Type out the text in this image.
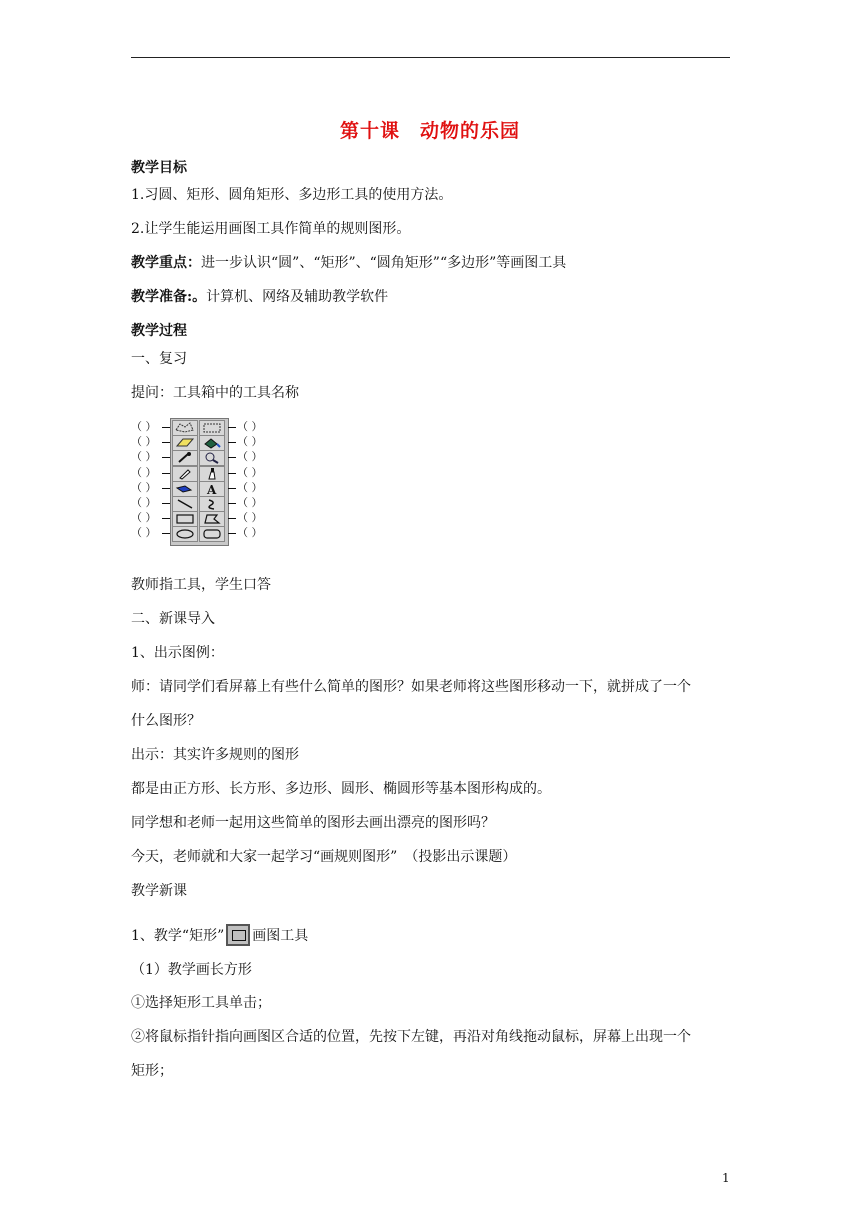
第十课　动物的乐园
教学目标
1.习圆、矩形、圆角矩形、多边形工具的使用方法。
2.让学生能运用画图工具作简单的规则图形。
教学重点：进一步认识“圆”、“矩形”、“圆角矩形”“多边形”等画图工具
教学准备:。计算机、网络及辅助教学软件
教学过程
一、复习
提问：工具箱中的工具名称
A
（ ）	（ ）
（ ）	（ ）
（ ）	（ ）
（ ）	（ ）
（ ）	（ ）
（ ）	（ ）
（ ）	（ ）
（ ）	（ ）
教师指工具，学生口答
二、新课导入
1、出示图例：
师：请同学们看屏幕上有些什么简单的图形？如果老师将这些图形移动一下，就拼成了一个
什么图形？
出示：其实许多规则的图形
都是由正方形、长方形、多边形、圆形、椭圆形等基本图形构成的。
同学想和老师一起用这些简单的图形去画出漂亮的图形吗？
今天，老师就和大家一起学习“画规则图形”　（投影出示课题）
教学新课
1、教学“矩形” 画图工具
（1）教学画长方形
①选择矩形工具单击；
②将鼠标指针指向画图区合适的位置，先按下左键，再沿对角线拖动鼠标，屏幕上出现一个
矩形；
1
